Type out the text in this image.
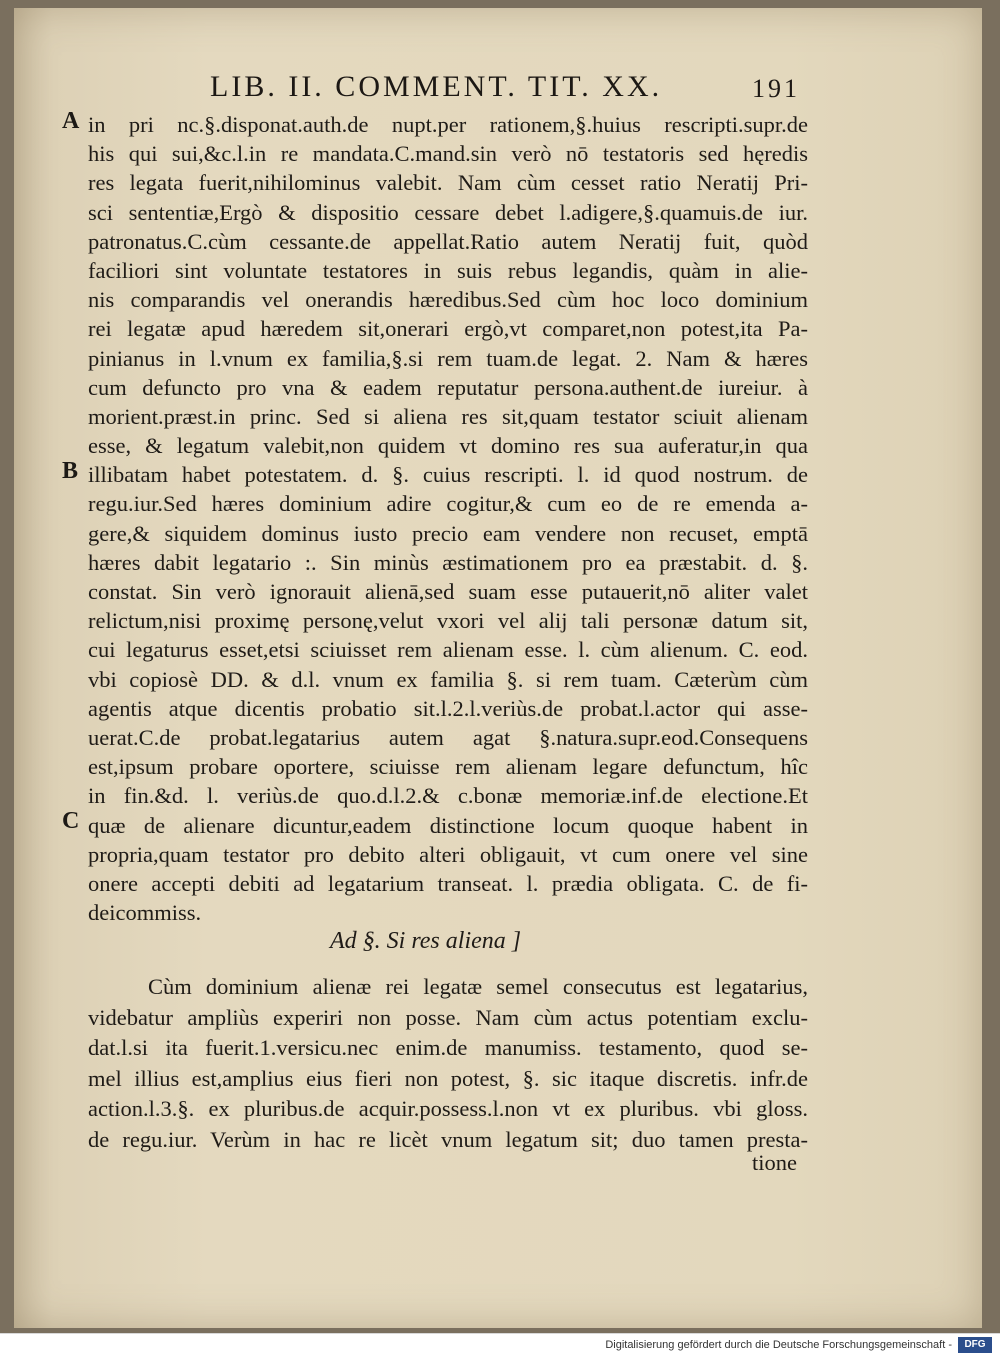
LIB. II. COMMENT. TIT. XX.	191
A
B
C
in pri nc.§.disponat.auth.de nupt.per rationem,§.huius rescripti.supr.de
his qui sui,&c.l.in re mandata.C.mand.sin verò nō testatoris sed hęredis
res legata fuerit,nihilominus valebit. Nam cùm cesset ratio Neratij Pri-
sci sententiæ,Ergò & dispositio cessare debet l.adigere,§.quamuis.de iur.
patronatus.C.cùm cessante.de appellat.Ratio autem Neratij fuit, quòd
faciliori sint voluntate testatores in suis rebus legandis, quàm in alie-
nis comparandis vel onerandis hæredibus.Sed cùm hoc loco dominium
rei legatæ apud hæredem sit,onerari ergò,vt comparet,non potest,ita Pa-
pinianus in l.vnum ex familia,§.si rem tuam.de legat. 2. Nam & hæres
cum defuncto pro vna & eadem reputatur persona.authent.de iureiur. à
morient.præst.in princ. Sed si aliena res sit,quam testator sciuit alienam
esse, & legatum valebit,non quidem vt domino res sua auferatur,in qua
illibatam habet potestatem. d. §. cuius rescripti. l. id quod nostrum. de
regu.iur.Sed hæres dominium adire cogitur,& cum eo de re emenda a-
gere,& siquidem dominus iusto precio eam vendere non recuset, emptā
hæres dabit legatario :. Sin minùs æstimationem pro ea præstabit. d. §.
constat. Sin verò ignorauit alienā,sed suam esse putauerit,nō aliter valet
relictum,nisi proximę personę,velut vxori vel alij tali personæ datum sit,
cui legaturus esset,etsi sciuisset rem alienam esse. l. cùm alienum. C. eod.
vbi copiosè DD. & d.l. vnum ex familia §. si rem tuam. Cæterùm cùm
agentis atque dicentis probatio sit.l.2.l.veriùs.de probat.l.actor qui asse-
uerat.C.de probat.legatarius autem agat §.natura.supr.eod.Consequens
est,ipsum probare oportere, sciuisse rem alienam legare defunctum, hîc
in fin.&d. l. veriùs.de quo.d.l.2.& c.bonæ memoriæ.inf.de electione.Et
quæ de alienare dicuntur,eadem distinctione locum quoque habent in
propria,quam testator pro debito alteri obligauit, vt cum onere vel sine
onere accepti debiti ad legatarium transeat. l. prædia obligata. C. de fi-
deicommiss.
Ad §. Si res aliena ]
Cùm dominium alienæ rei legatæ semel consecutus est legatarius,
videbatur ampliùs experiri non posse. Nam cùm actus potentiam exclu-
dat.l.si ita fuerit.1.versicu.nec enim.de manumiss. testamento, quod se-
mel illius est,amplius eius fieri non potest, §. sic itaque discretis. infr.de
action.l.3.§. ex pluribus.de acquir.possess.l.non vt ex pluribus. vbi gloss.
de regu.iur. Verùm in hac re licèt vnum legatum sit; duo tamen presta-
tione
Digitalisierung gefördert durch die Deutsche Forschungsgemeinschaft -	DFG
